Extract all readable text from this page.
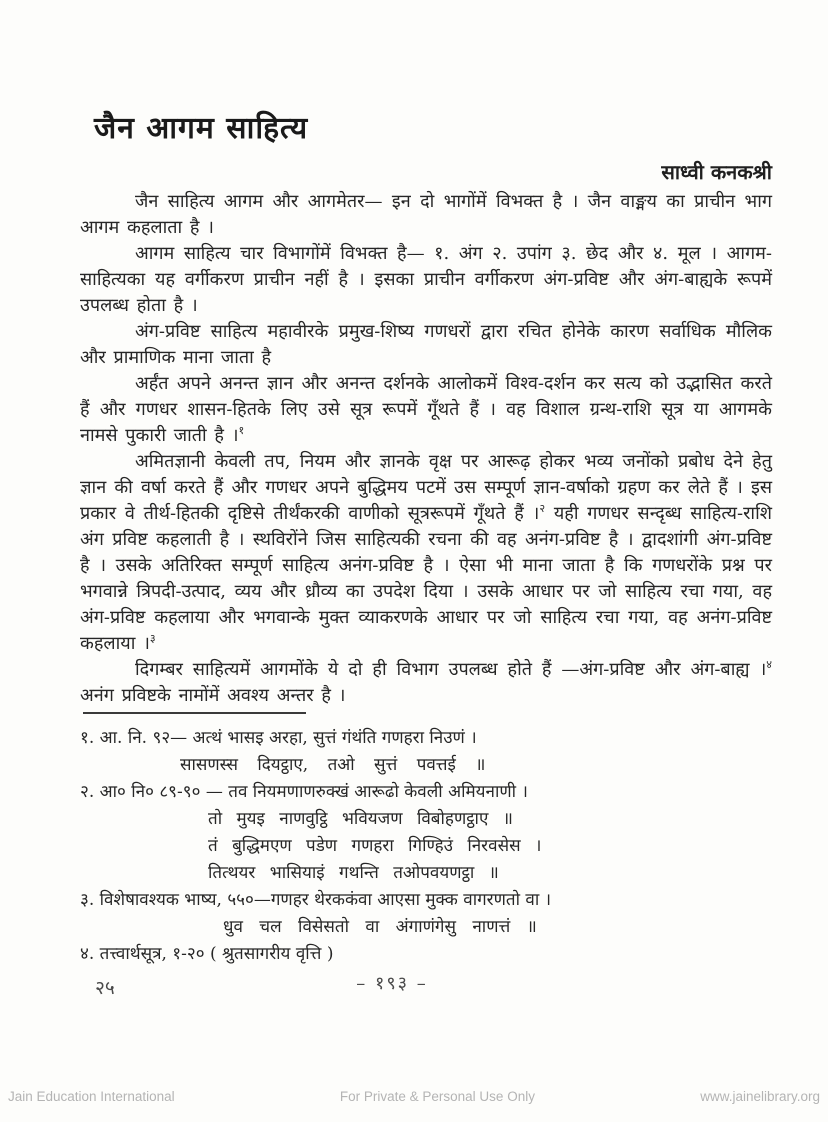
जैन आगम साहित्य
साध्वी कनकश्री

जैन साहित्य आगम और आगमेतर— इन दो भागोंमें विभक्त है । जैन वाङ्मय का प्राचीन भाग आगम कहलाता है ।

आगम साहित्य चार विभागोंमें विभक्त है— १. अंग २. उपांग ३. छेद और ४. मूल । आगम-साहित्यका यह वर्गीकरण प्राचीन नहीं है । इसका प्राचीन वर्गीकरण अंग-प्रविष्ट और अंग-बाह्यके रूपमें उपलब्ध होता है ।

अंग-प्रविष्ट साहित्य महावीरके प्रमुख-शिष्य गणधरों द्वारा रचित होनेके कारण सर्वाधिक मौलिक और प्रामाणिक माना जाता है

अर्हंत अपने अनन्त ज्ञान और अनन्त दर्शनके आलोकमें विश्व-दर्शन कर सत्य को उद्भासित करते हैं और गणधर शासन-हितके लिए उसे सूत्र रूपमें गूँथते हैं । वह विशाल ग्रन्थ-राशि सूत्र या आगमके नामसे पुकारी जाती है ।$^१$

अमितज्ञानी केवली तप, नियम और ज्ञानके वृक्ष पर आरूढ़ होकर भव्य जनोंको प्रबोध देने हेतु ज्ञान की वर्षा करते हैं और गणधर अपने बुद्धिमय पटमें उस सम्पूर्ण ज्ञान-वर्षाको ग्रहण कर लेते हैं । इस प्रकार वे तीर्थ-हितकी दृष्टिसे तीर्थंकरकी वाणीको सूत्ररूपमें गूँथते हैं ।$^२$ यही गणधर सन्दृब्ध साहित्य-राशि अंग प्रविष्ट कहलाती है । स्थविरोंने जिस साहित्यकी रचना की वह अनंग-प्रविष्ट है । द्वादशांगी अंग-प्रविष्ट है । उसके अतिरिक्त सम्पूर्ण साहित्य अनंग-प्रविष्ट है । ऐसा भी माना जाता है कि गणधरोंके प्रश्न पर भगवान्ने त्रिपदी-उत्पाद, व्यय और ध्रौव्य का उपदेश दिया । उसके आधार पर जो साहित्य रचा गया, वह अंग-प्रविष्ट कहलाया और भगवान्के मुक्त व्याकरणके आधार पर जो साहित्य रचा गया, वह अनंग-प्रविष्ट कहलाया ।$^३$

दिगम्बर साहित्यमें आगमोंके ये दो ही विभाग उपलब्ध होते हैं —अंग-प्रविष्ट और अंग-बाह्य ।$^४$ अनंग प्रविष्टके नामोंमें अवश्य अन्तर है ।

१. आ. नि. ९२— अत्थं भासइ अरहा, सुत्तं गंथंति गणहरा निउणं ।
सासणस्स दियट्ठाए, तओ सुत्तं पवत्तई ॥
२. आ० नि० ८९-९० — तव नियमणाणरुक्खं आरूढो केवली अमियनाणी ।
तो मुयइ नाणवुट्ठि भवियजण विबोहणट्ठाए ॥
तं बुद्धिमएण पडेण गणहरा गिण्हिउं निरवसेस ।
तित्थयर भासियाइं गथन्ति तओपवयणट्ठा ॥
३. विशेषावश्यक भाष्य, ५५०—गणहर थेरककंवा आएसा मुक्क वागरणतो वा ।
धुव चल विसेसतो वा अंगाणंगेसु नाणत्तं ॥
४. तत्त्वार्थसूत्र, १-२० ( श्रुतसागरीय वृत्ति )
२५	– १९३ –
Jain Education International	For Private & Personal Use Only	www.jainelibrary.org
